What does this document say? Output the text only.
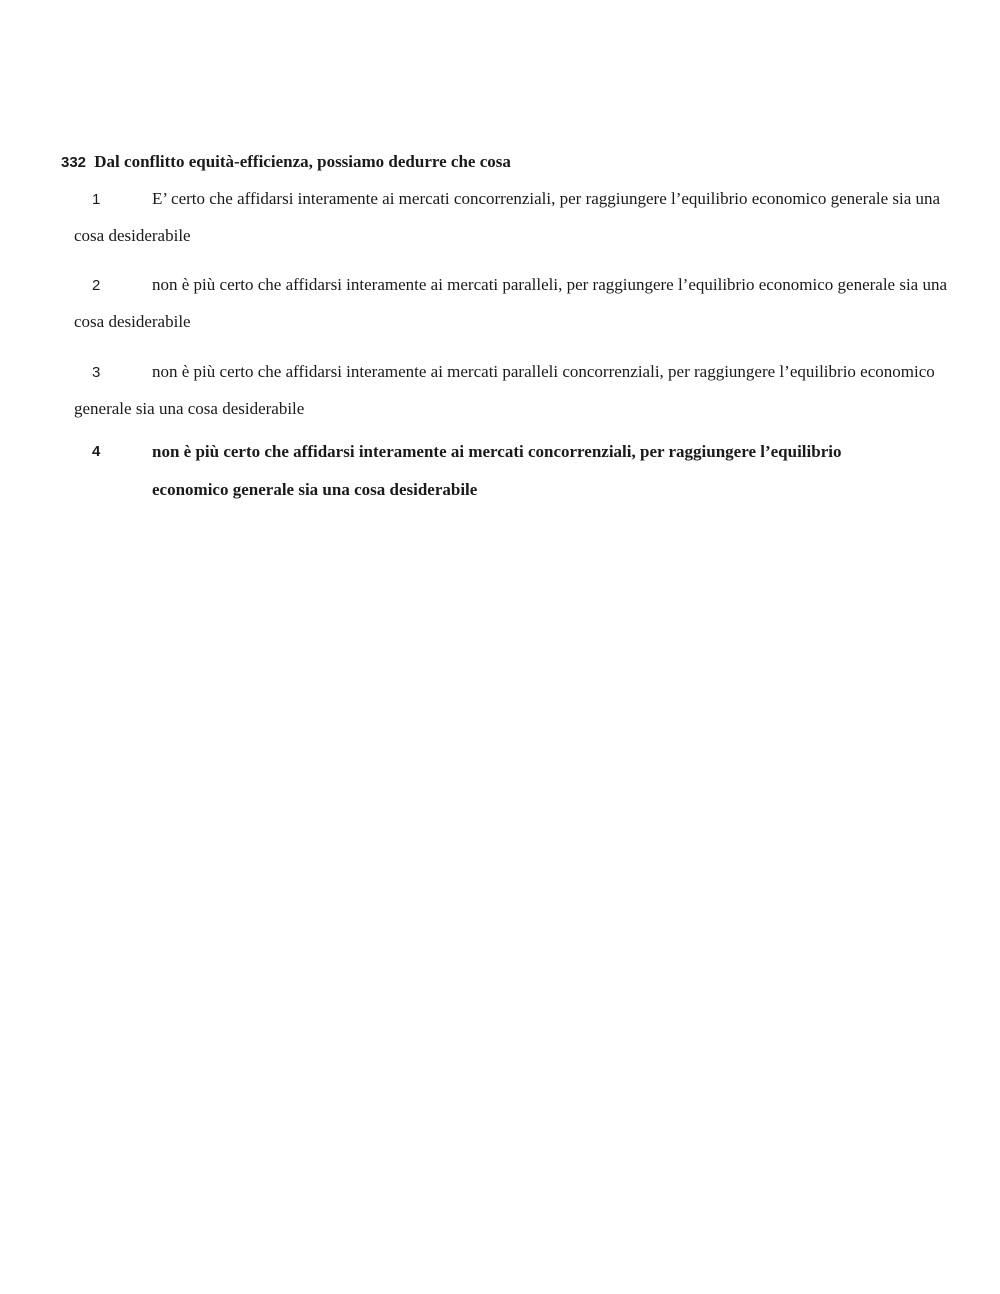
332 Dal conflitto equità-efficienza, possiamo dedurre che cosa
1	E’ certo che affidarsi interamente ai mercati concorrenziali, per raggiungere l’equilibrio economico generale sia una cosa desiderabile
2	non è più certo che affidarsi interamente ai mercati paralleli, per raggiungere l’equilibrio economico generale sia una cosa desiderabile
3	non è più certo che affidarsi interamente ai mercati paralleli concorrenziali, per raggiungere l’equilibrio economico generale sia una cosa desiderabile
4	non è più certo che affidarsi interamente ai mercati concorrenziali, per raggiungere l’equilibrio economico generale sia una cosa desiderabile
